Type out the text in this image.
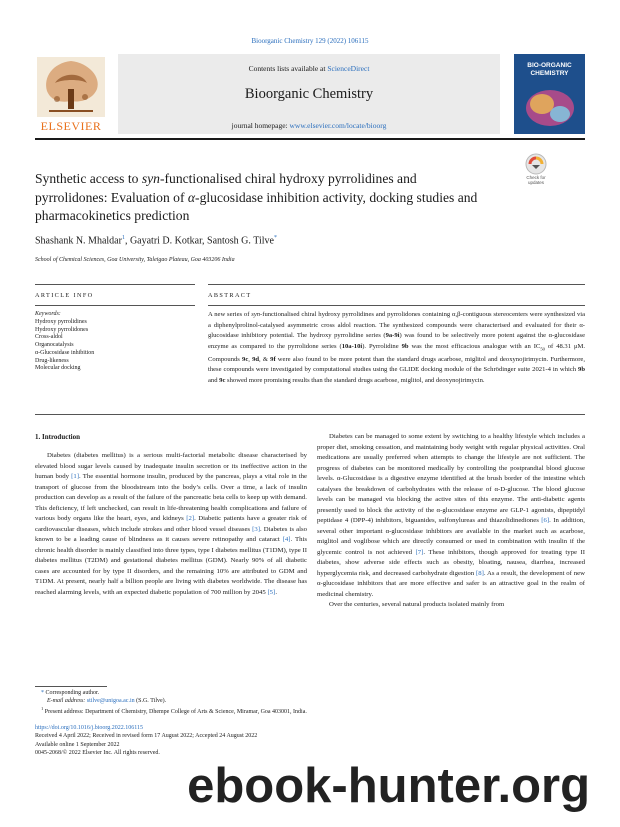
Bioorganic Chemistry 129 (2022) 106115
ELSEVIER
Contents lists available at ScienceDirect
Bioorganic Chemistry
journal homepage: www.elsevier.com/locate/bioorg
BIO-ORGANIC
CHEMISTRY
Check for
updates
Synthetic access to syn-functionalised chiral hydroxy pyrrolidines and pyrrolidones: Evaluation of α-glucosidase inhibition activity, docking studies and pharmacokinetics prediction
Shashank N. Mhaldar$^1$, Gayatri D. Kotkar, Santosh G. Tilve*
School of Chemical Sciences, Goa University, Taleigao Plateau, Goa 403206 India
ARTICLE INFO
Keywords:
Hydroxy pyrrolidines
Hydroxy pyrrolidones
Cross-aldol
Organocatalysis
α-Glucosidase inhibition
Drug-likeness
Molecular docking
ABSTRACT
A new series of syn-functionalised chiral hydroxy pyrrolidines and pyrrolidones containing α,β-contiguous stereocenters were synthesized via a diphenylprolinol-catalysed asymmetric cross aldol reaction. The synthesized compounds were characterised and evaluated for their α-glucosidase inhibitory potential. The hydroxy pyrrolidine series (9a-9i) was found to be selectively more potent against the α-glucosidase enzyme as compared to the pyrrolidone series (10a-10i). Pyrrolidine 9b was the most efficacious analogue with an $IC_{50}$ of 48.31 μM. Compounds 9c, 9d, & 9f were also found to be more potent than the standard drugs acarbose, miglitol and deoxynojirimycin. Furthermore, these compounds were investigated by computational studies using the GLIDE docking module of the Schrödinger suite 2021-4 in which 9b and 9c showed more promising results than the standard drugs acarbose, miglitol, and deoxynojirimycin.
1. Introduction

Diabetes (diabetes mellitus) is a serious multi-factorial metabolic disease characterised by elevated blood sugar levels caused by inadequate insulin secretion or its ineffective action in the human body [1]. The essential hormone insulin, produced by the pancreas, plays a vital role in the transport of glucose from the bloodstream into the body’s cells. Over a time, a lack of insulin production can develop as a result of the failure of the pancreatic beta cells to keep up with demand. This deficiency, if left unchecked, can result in life-threatening health complications and failure of various body organs like the heart, eyes, and kidneys [2]. Diabetic patients have a greater risk of cardiovascular diseases, which include strokes and other blood vessel diseases [3]. Diabetes is also known to be a leading cause of blindness as it causes severe retinopathy and cataract [4]. This chronic health disorder is mainly classified into three types, type I diabetes mellitus (T1DM), type II diabetes mellitus (T2DM) and gestational diabetes mellitus (GDM). Nearly 90% of all diabetic cases are accounted for by type II disorders, and the remaining 10% are attributed to GDM and T1DM. At present, nearly half a billion people are living with diabetes worldwide. The disease has reached alarming levels, with an expected diabetic population of 700 million by 2045 [5].

Diabetes can be managed to some extent by switching to a healthy lifestyle which includes a proper diet, smoking cessation, and maintaining body weight with regular physical activities. Oral medications are usually preferred when attempts to change the lifestyle are not sufficient. The progress of diabetes can be monitored medically by controlling the postprandial blood glucose levels. α-Glucosidase is a digestive enzyme identified at the brush border of the intestine which catalyses the breakdown of carbohydrates with the release of α-D-glucose. The blood glucose levels can be managed via blocking the active sites of this enzyme. The anti-diabetic agents presently used to block the activity of the α-glucosidase enzyme are GLP-1 agonists, dipeptidyl peptidase 4 (DPP-4) inhibitors, biguanides, sulfonylureas and thiazolidinediones [6]. In addition, several other important α-glucosidase inhibitors are available in the market such as acarbose, miglitol and voglibose which are directly consumed or used in combination with insulin if the glycemic control is not achieved [7]. These inhibitors, though approved for treating type II diabetes, show adverse side effects such as obesity, bloating, nausea, diarrhea, increased hyperglycemia risk, and decreased carbohydrate digestion [8]. As a result, the development of new α-glucosidase inhibitors that are more effective and safer is an attractive goal in the realm of medicinal chemistry.

Over the centuries, several natural products isolated mainly from

* Corresponding author.
E-mail address: stilve@unigoa.ac.in (S.G. Tilve).
$^1$ Present address: Department of Chemistry, Dhempe College of Arts & Science, Miramar, Goa 403001, India.
https://doi.org/10.1016/j.bioorg.2022.106115
Received 4 April 2022; Received in revised form 17 August 2022; Accepted 24 August 2022
Available online 1 September 2022
0045-2068/© 2022 Elsevier Inc. All rights reserved.
ebook-hunter.org
